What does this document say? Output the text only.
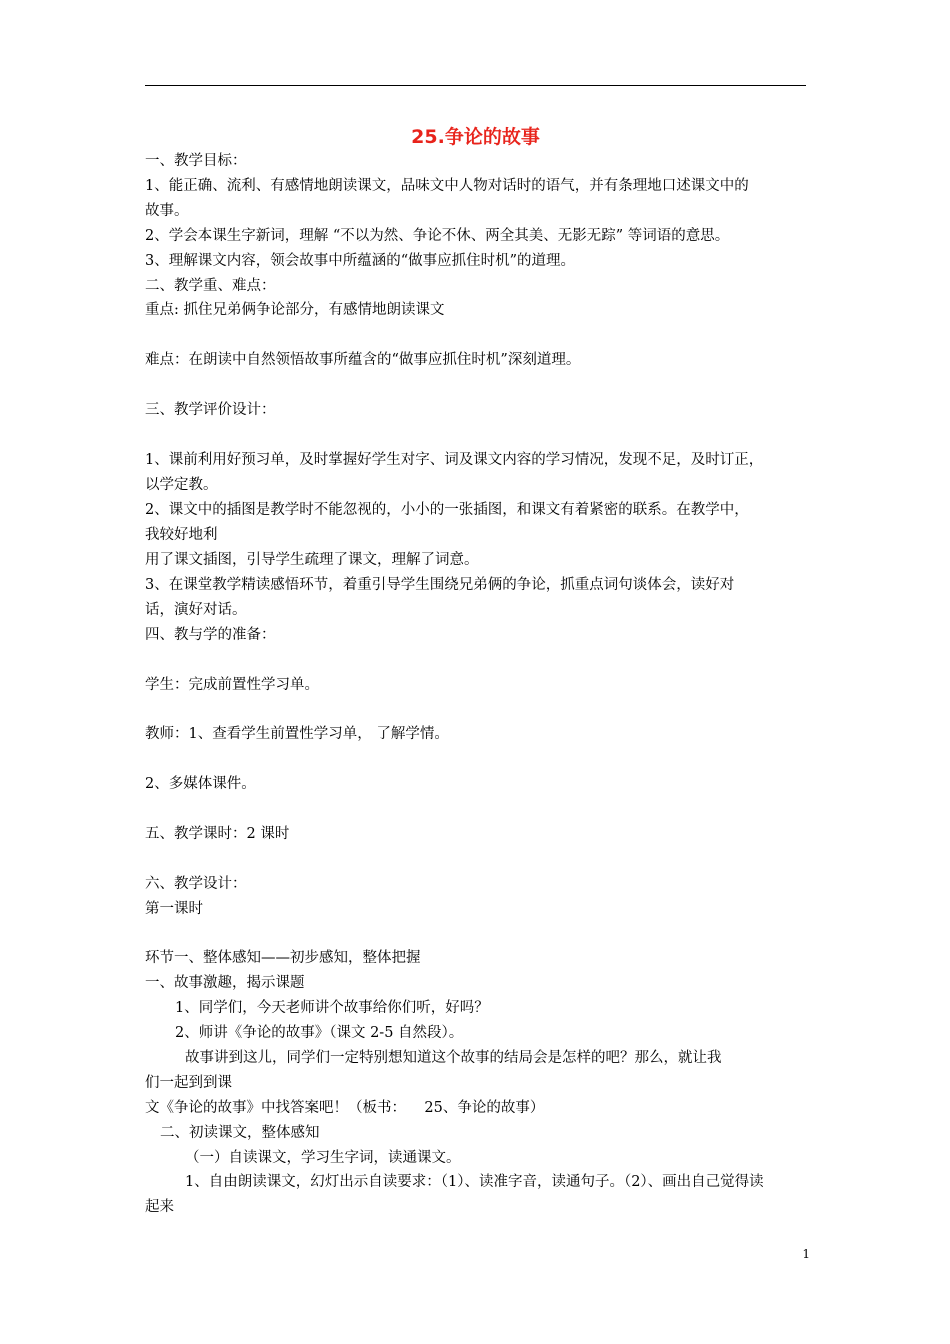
25.争论的故事
一、教学目标：
1、能正确、流利、有感情地朗读课文，品味文中人物对话时的语气，并有条理地口述课文中的
故事。
2、学会本课生字新词，理解 “不以为然、争论不休、两全其美、无影无踪” 等词语的意思。
3、理解课文内容，领会故事中所蕴涵的“做事应抓住时机”的道理。
二、教学重、难点：
重点: 抓住兄弟俩争论部分，有感情地朗读课文
难点：在朗读中自然领悟故事所蕴含的“做事应抓住时机”深刻道理。
三、教学评价设计：
1、课前利用好预习单，及时掌握好学生对字、词及课文内容的学习情况，发现不足，及时订正，
以学定教。
2、课文中的插图是教学时不能忽视的，小小的一张插图，和课文有着紧密的联系。在教学中，
我较好地利
用了课文插图，引导学生疏理了课文，理解了词意。
3、在课堂教学精读感悟环节，着重引导学生围绕兄弟俩的争论，抓重点词句谈体会，读好对
话，演好对话。
四、教与学的准备：
学生：完成前置性学习单。
教师：1、查看学生前置性学习单， 了解学情。
2、多媒体课件。
五、教学课时：2 课时
六、教学设计：
第一课时
环节一、整体感知——初步感知，整体把握
一、故事激趣，揭示课题
1、同学们，今天老师讲个故事给你们听，好吗？
2、师讲《争论的故事》（课文 2-5 自然段）。
故事讲到这儿，同学们一定特别想知道这个故事的结局会是怎样的吧？那么，就让我
们一起到到课
文《争论的故事》中找答案吧！（板书：    25、争论的故事）
二、初读课文，整体感知
（一）自读课文，学习生字词，读通课文。
1、自由朗读课文，幻灯出示自读要求：（1）、读准字音，读通句子。（2）、画出自己觉得读
起来
1
